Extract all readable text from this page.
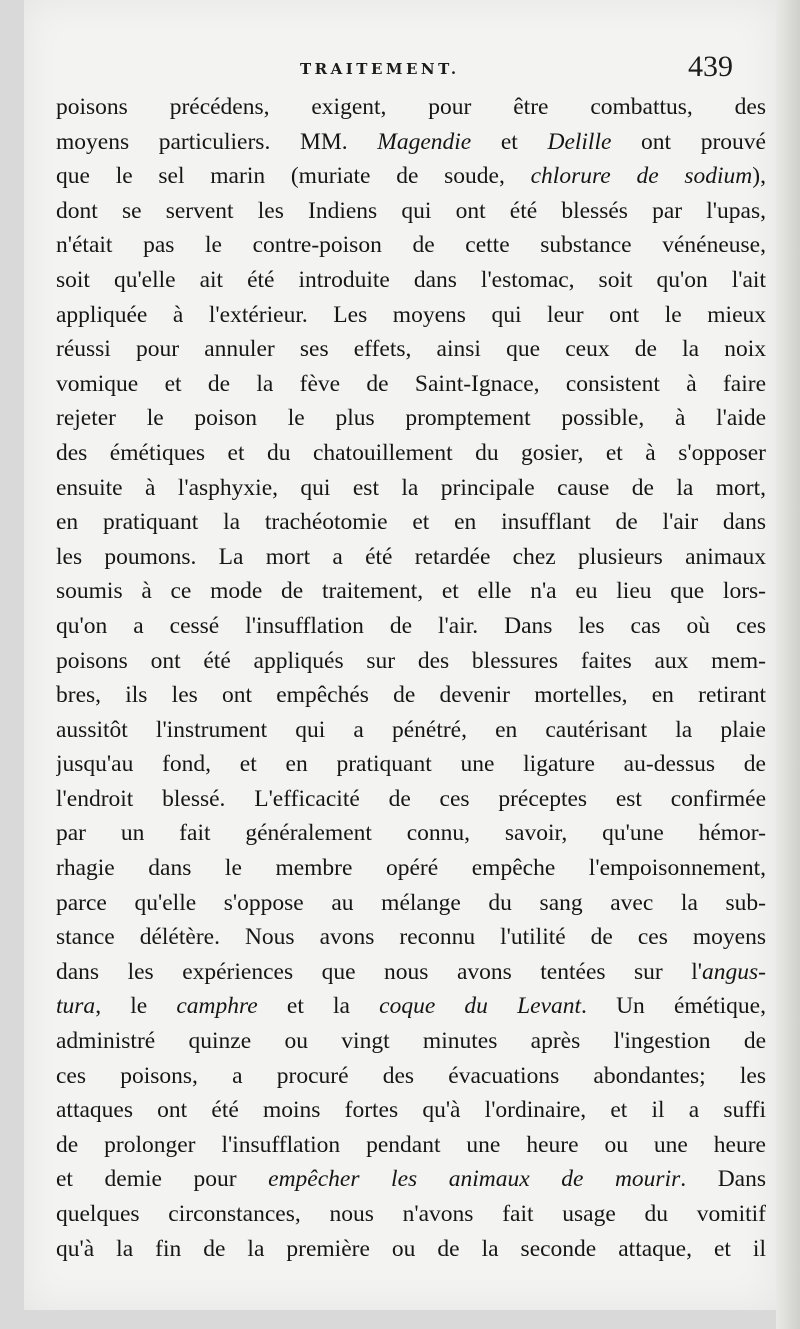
TRAITEMENT.	439
poisons précédens, exigent, pour être combattus, des
moyens particuliers. MM. Magendie et Delille ont prouvé
que le sel marin (muriate de soude, chlorure de sodium),
dont se servent les Indiens qui ont été blessés par l'upas,
n'était pas le contre-poison de cette substance vénéneuse,
soit qu'elle ait été introduite dans l'estomac, soit qu'on l'ait
appliquée à l'extérieur. Les moyens qui leur ont le mieux
réussi pour annuler ses effets, ainsi que ceux de la noix
vomique et de la fève de Saint-Ignace, consistent à faire
rejeter le poison le plus promptement possible, à l'aide
des émétiques et du chatouillement du gosier, et à s'opposer
ensuite à l'asphyxie, qui est la principale cause de la mort,
en pratiquant la trachéotomie et en insufflant de l'air dans
les poumons. La mort a été retardée chez plusieurs animaux
soumis à ce mode de traitement, et elle n'a eu lieu que lors-
qu'on a cessé l'insufflation de l'air. Dans les cas où ces
poisons ont été appliqués sur des blessures faites aux mem-
bres, ils les ont empêchés de devenir mortelles, en retirant
aussitôt l'instrument qui a pénétré, en cautérisant la plaie
jusqu'au fond, et en pratiquant une ligature au-dessus de
l'endroit blessé. L'efficacité de ces préceptes est confirmée
par un fait généralement connu, savoir, qu'une hémor-
rhagie dans le membre opéré empêche l'empoisonnement,
parce qu'elle s'oppose au mélange du sang avec la sub-
stance délétère. Nous avons reconnu l'utilité de ces moyens
dans les expériences que nous avons tentées sur l'angus-
tura, le camphre et la coque du Levant. Un émétique,
administré quinze ou vingt minutes après l'ingestion de
ces poisons, a procuré des évacuations abondantes; les
attaques ont été moins fortes qu'à l'ordinaire, et il a suffi
de prolonger l'insufflation pendant une heure ou une heure
et demie pour empêcher les animaux de mourir. Dans
quelques circonstances, nous n'avons fait usage du vomitif
qu'à la fin de la première ou de la seconde attaque, et il
